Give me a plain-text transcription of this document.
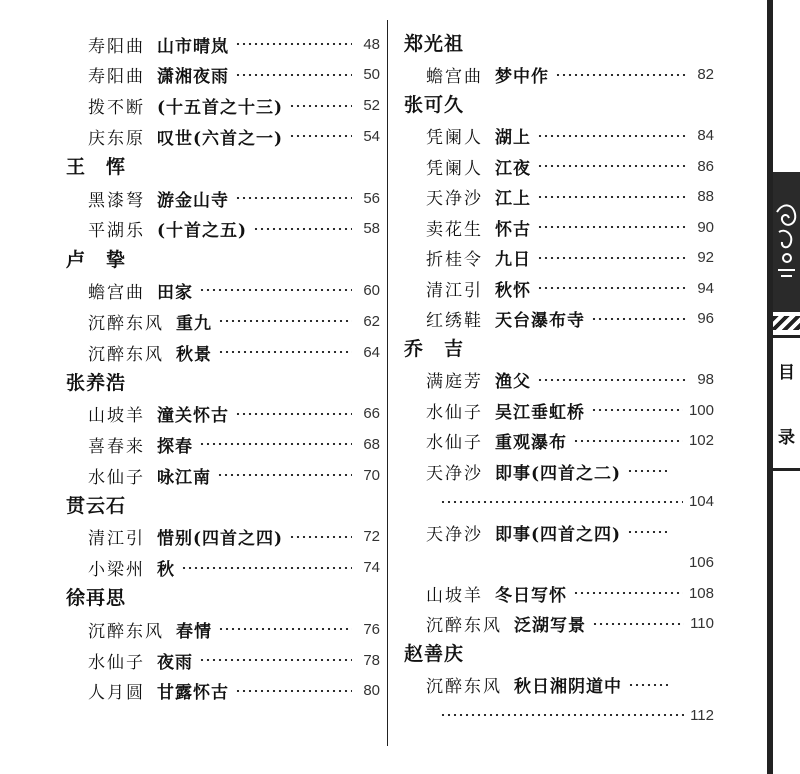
寿阳曲 山市晴岚	48
寿阳曲 潇湘夜雨	50
拨不断 (十五首之十三)	52
庆东原 叹世(六首之一)	54
王　恽
黑漆弩 游金山寺	56
平湖乐 (十首之五)	58
卢　挚
蟾宫曲 田家	60
沉醉东风 重九	62
沉醉东风 秋景	64
张养浩
山坡羊 潼关怀古	66
喜春来 探春	68
水仙子 咏江南	70
贯云石
清江引 惜别(四首之四)	72
小梁州 秋	74
徐再思
沉醉东风 春情	76
水仙子 夜雨	78
人月圆 甘露怀古	80
郑光祖
蟾宫曲 梦中作	82
张可久
凭阑人 湖上	84
凭阑人 江夜	86
天净沙 江上	88
卖花生 怀古	90
折桂令 九日	92
清江引 秋怀	94
红绣鞋 天台瀑布寺	96
乔　吉
满庭芳 渔父	98
水仙子 吴江垂虹桥	100
水仙子 重观瀑布	102
天净沙 即事(四首之二)
104
天净沙 即事(四首之四)
106
山坡羊 冬日写怀	108
沉醉东风 泛湖写景	110
赵善庆
沉醉东风 秋日湘阴道中
112
目
录
